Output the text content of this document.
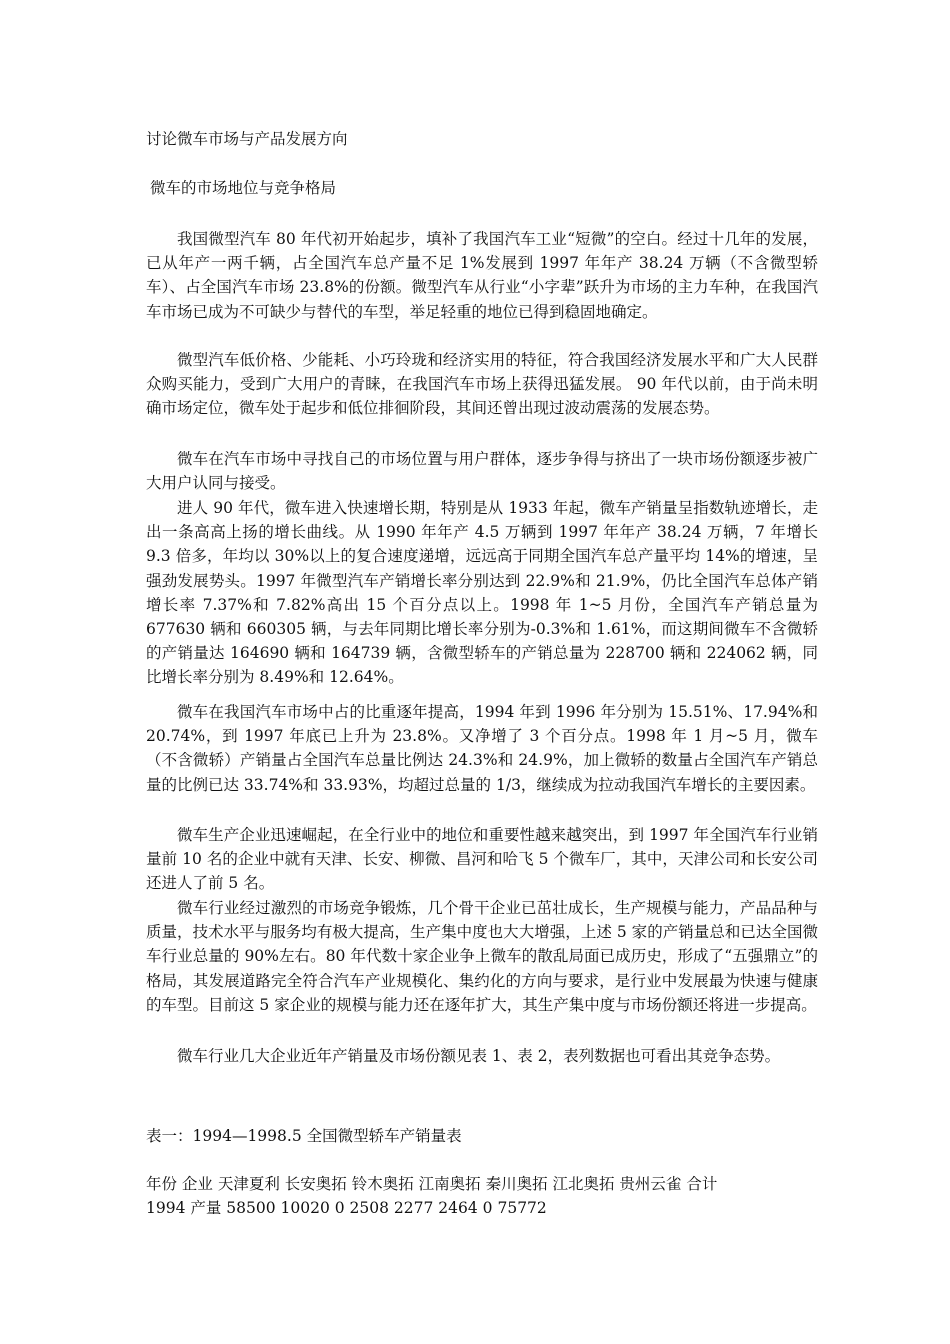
讨论微车市场与产品发展方向
微车的市场地位与竞争格局

我国微型汽车 80 年代初开始起步，填补了我国汽车工业“短微”的空白。经过十几年的发展，已从年产一两千辆，占全国汽车总产量不足 1%发展到 1997 年年产 38.24 万辆（不含微型轿车）、占全国汽车市场 23.8%的份额。微型汽车从行业“小字辈”跃升为市场的主力车种，在我国汽车市场已成为不可缺少与替代的车型，举足轻重的地位已得到稳固地确定。

微型汽车低价格、少能耗、小巧玲珑和经济实用的特征，符合我国经济发展水平和广大人民群众购买能力，受到广大用户的青睐，在我国汽车市场上获得迅猛发展。 90 年代以前，由于尚未明确市场定位，微车处于起步和低位排徊阶段，其间还曾出现过波动震荡的发展态势。

微车在汽车市场中寻找自己的市场位置与用户群体，逐步争得与挤出了一块市场份额逐步被广大用户认同与接受。

进人 90 年代，微车进入快速增长期，特别是从 1933 年起，微车产销量呈指数轨迹增长，走出一条高高上扬的增长曲线。从 1990 年年产 4.5 万辆到 1997 年年产 38.24 万辆，7 年增长 9.3 倍多，年均以 30%以上的复合速度递增，远远高于同期全国汽车总产量平均 14%的增速，呈强劲发展势头。1997 年微型汽车产销增长率分别达到 22.9%和 21.9%，仍比全国汽车总体产销增长率 7.37%和 7.82%高出 15 个百分点以上。1998 年 1~5 月份，全国汽车产销总量为 677630 辆和 660305 辆，与去年同期比增长率分别为-0.3%和 1.61%，而这期间微车不含微轿的产销量达 164690 辆和 164739 辆，含微型轿车的产销总量为 228700 辆和 224062 辆，同比增长率分别为 8.49%和 12.64%。

微车在我国汽车市场中占的比重逐年提高，1994 年到 1996 年分别为 15.51%、17.94%和 20.74%，到 1997 年底已上升为 23.8%。又净增了 3 个百分点。1998 年 1 月~5 月，微车（不含微轿）产销量占全国汽车总量比例达 24.3%和 24.9%，加上微轿的数量占全国汽车产销总量的比例已达 33.74%和 33.93%，均超过总量的 1/3，继续成为拉动我国汽车增长的主要因素。

微车生产企业迅速崛起，在全行业中的地位和重要性越来越突出，到 1997 年全国汽车行业销量前 10 名的企业中就有天津、长安、柳微、昌河和哈飞 5 个微车厂，其中，天津公司和长安公司还进人了前 5 名。

微车行业经过激烈的市场竞争锻炼，几个骨干企业已茁壮成长，生产规模与能力，产品品种与质量，技术水平与服务均有极大提高，生产集中度也大大增强，上述 5 家的产销量总和已达全国微车行业总量的 90%左右。80 年代数十家企业争上微车的散乱局面已成历史，形成了“五强鼎立”的格局，其发展道路完全符合汽车产业规模化、集约化的方向与要求，是行业中发展最为快速与健康的车型。目前这 5 家企业的规模与能力还在逐年扩大，其生产集中度与市场份额还将进一步提高。

微车行业几大企业近年产销量及市场份额见表 1、表 2，表列数据也可看出其竞争态势。

表一：1994—1998.5 全国微型轿车产销量表
年份 企业 天津夏利 长安奥拓 铃木奥拓 江南奥拓 秦川奥拓 江北奥拓 贵州云雀 合计
1994 产量 58500 10020 0 2508 2277 2464 0 75772
